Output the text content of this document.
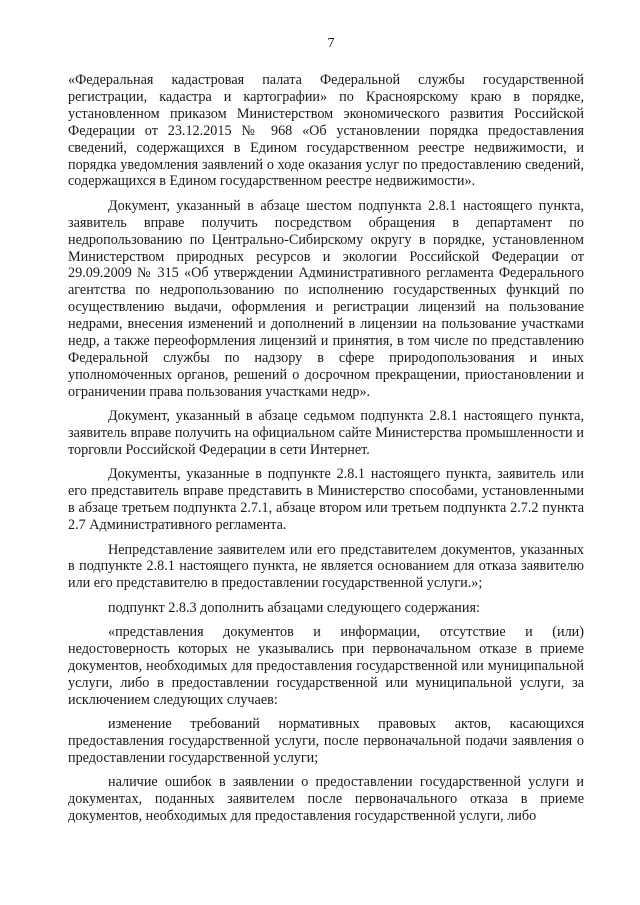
7

«Федеральная кадастровая палата Федеральной службы государственной регистрации, кадастра и картографии» по Красноярскому краю в порядке, установленном приказом Министерством экономического развития Российской Федерации от 23.12.2015 № 968 «Об установлении порядка предоставления сведений, содержащихся в Едином государственном реестре недвижимости, и порядка уведомления заявлений о ходе оказания услуг по предоставлению сведений, содержащихся в Едином государственном реестре недвижимости».

Документ, указанный в абзаце шестом подпункта 2.8.1 настоящего пункта, заявитель вправе получить посредством обращения в департамент по недропользованию по Центрально-Сибирскому округу в порядке, установленном Министерством природных ресурсов и экологии Российской Федерации от 29.09.2009 № 315 «Об утверждении Административного регламента Федерального агентства по недропользованию по исполнению государственных функций по осуществлению выдачи, оформления и регистрации лицензий на пользование недрами, внесения изменений и дополнений в лицензии на пользование участками недр, а также переоформления лицензий и принятия, в том числе по представлению Федеральной службы по надзору в сфере природопользования и иных уполномоченных органов, решений о досрочном прекращении, приостановлении и ограничении права пользования участками недр».

Документ, указанный в абзаце седьмом подпункта 2.8.1 настоящего пункта, заявитель вправе получить на официальном сайте Министерства промышленности и торговли Российской Федерации в сети Интернет.

Документы, указанные в подпункте 2.8.1 настоящего пункта, заявитель или его представитель вправе представить в Министерство способами, установленными в абзаце третьем подпункта 2.7.1, абзаце втором или третьем подпункта 2.7.2 пункта 2.7 Административного регламента.

Непредставление заявителем или его представителем документов, указанных в подпункте 2.8.1 настоящего пункта, не является основанием для отказа заявителю или его представителю в предоставлении государственной услуги.»;

подпункт 2.8.3 дополнить абзацами следующего содержания:

«представления документов и информации, отсутствие и (или) недостоверность которых не указывались при первоначальном отказе в приеме документов, необходимых для предоставления государственной или муниципальной услуги, либо в предоставлении государственной или муниципальной услуги, за исключением следующих случаев:

изменение требований нормативных правовых актов, касающихся предоставления государственной услуги, после первоначальной подачи заявления о предоставлении государственной услуги;

наличие ошибок в заявлении о предоставлении государственной услуги и документах, поданных заявителем после первоначального отказа в приеме документов, необходимых для предоставления государственной услуги, либо
